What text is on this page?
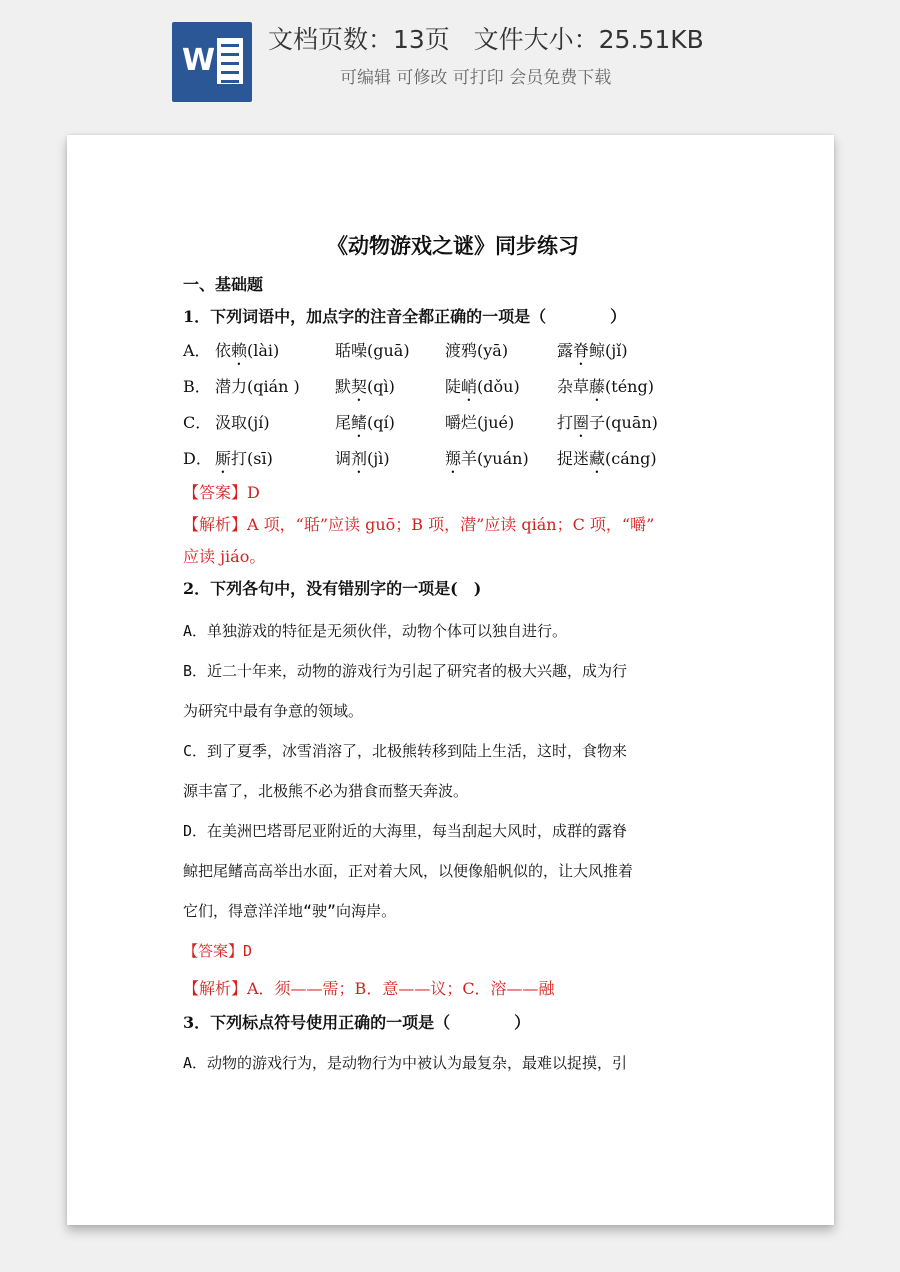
W
文档页数：13页   文件大小：25.51KB
可编辑 可修改 可打印 会员免费下载

《动物游戏之谜》同步练习

一、基础题

1．下列词语中，加点字的注音全都正确的一项是（　　　　）

A． 依赖(lài)	聒噪(guā) 渡鸦(yā)	露脊鲸(jǐ)
B． 潜力(qián ) 默契(qì)	陡峭(dǒu) 杂草藤(téng)
C． 汲取(jí)	尾鳍(qí)	嚼烂(jué)	打圈子(quān)
D． 厮打(sī)	调剂(jì)	羱羊(yuán) 捉迷藏(cáng)

【答案】D

【解析】A 项，“聒”应读 guō；B 项，潜”应读 qián；C 项，“嚼”

应读 jiáo。

2．下列各句中，没有错别字的一项是(　)

A．单独游戏的特征是无须伙伴，动物个体可以独自进行。

B．近二十年来，动物的游戏行为引起了研究者的极大兴趣，成为行

为研究中最有争意的领域。

C．到了夏季，冰雪消溶了，北极熊转移到陆上生活，这时，食物来

源丰富了，北极熊不必为猎食而整天奔波。

D．在美洲巴塔哥尼亚附近的大海里，每当刮起大风时，成群的露脊

鲸把尾鳍高高举出水面，正对着大风，以便像船帆似的，让大风推着

它们，得意洋洋地“驶”向海岸。

【答案】D

【解析】A．须——需；B．意——议；C．溶——融

3．下列标点符号使用正确的一项是（　　　　）

A．动物的游戏行为，是动物行为中被认为最复杂，最难以捉摸，引
